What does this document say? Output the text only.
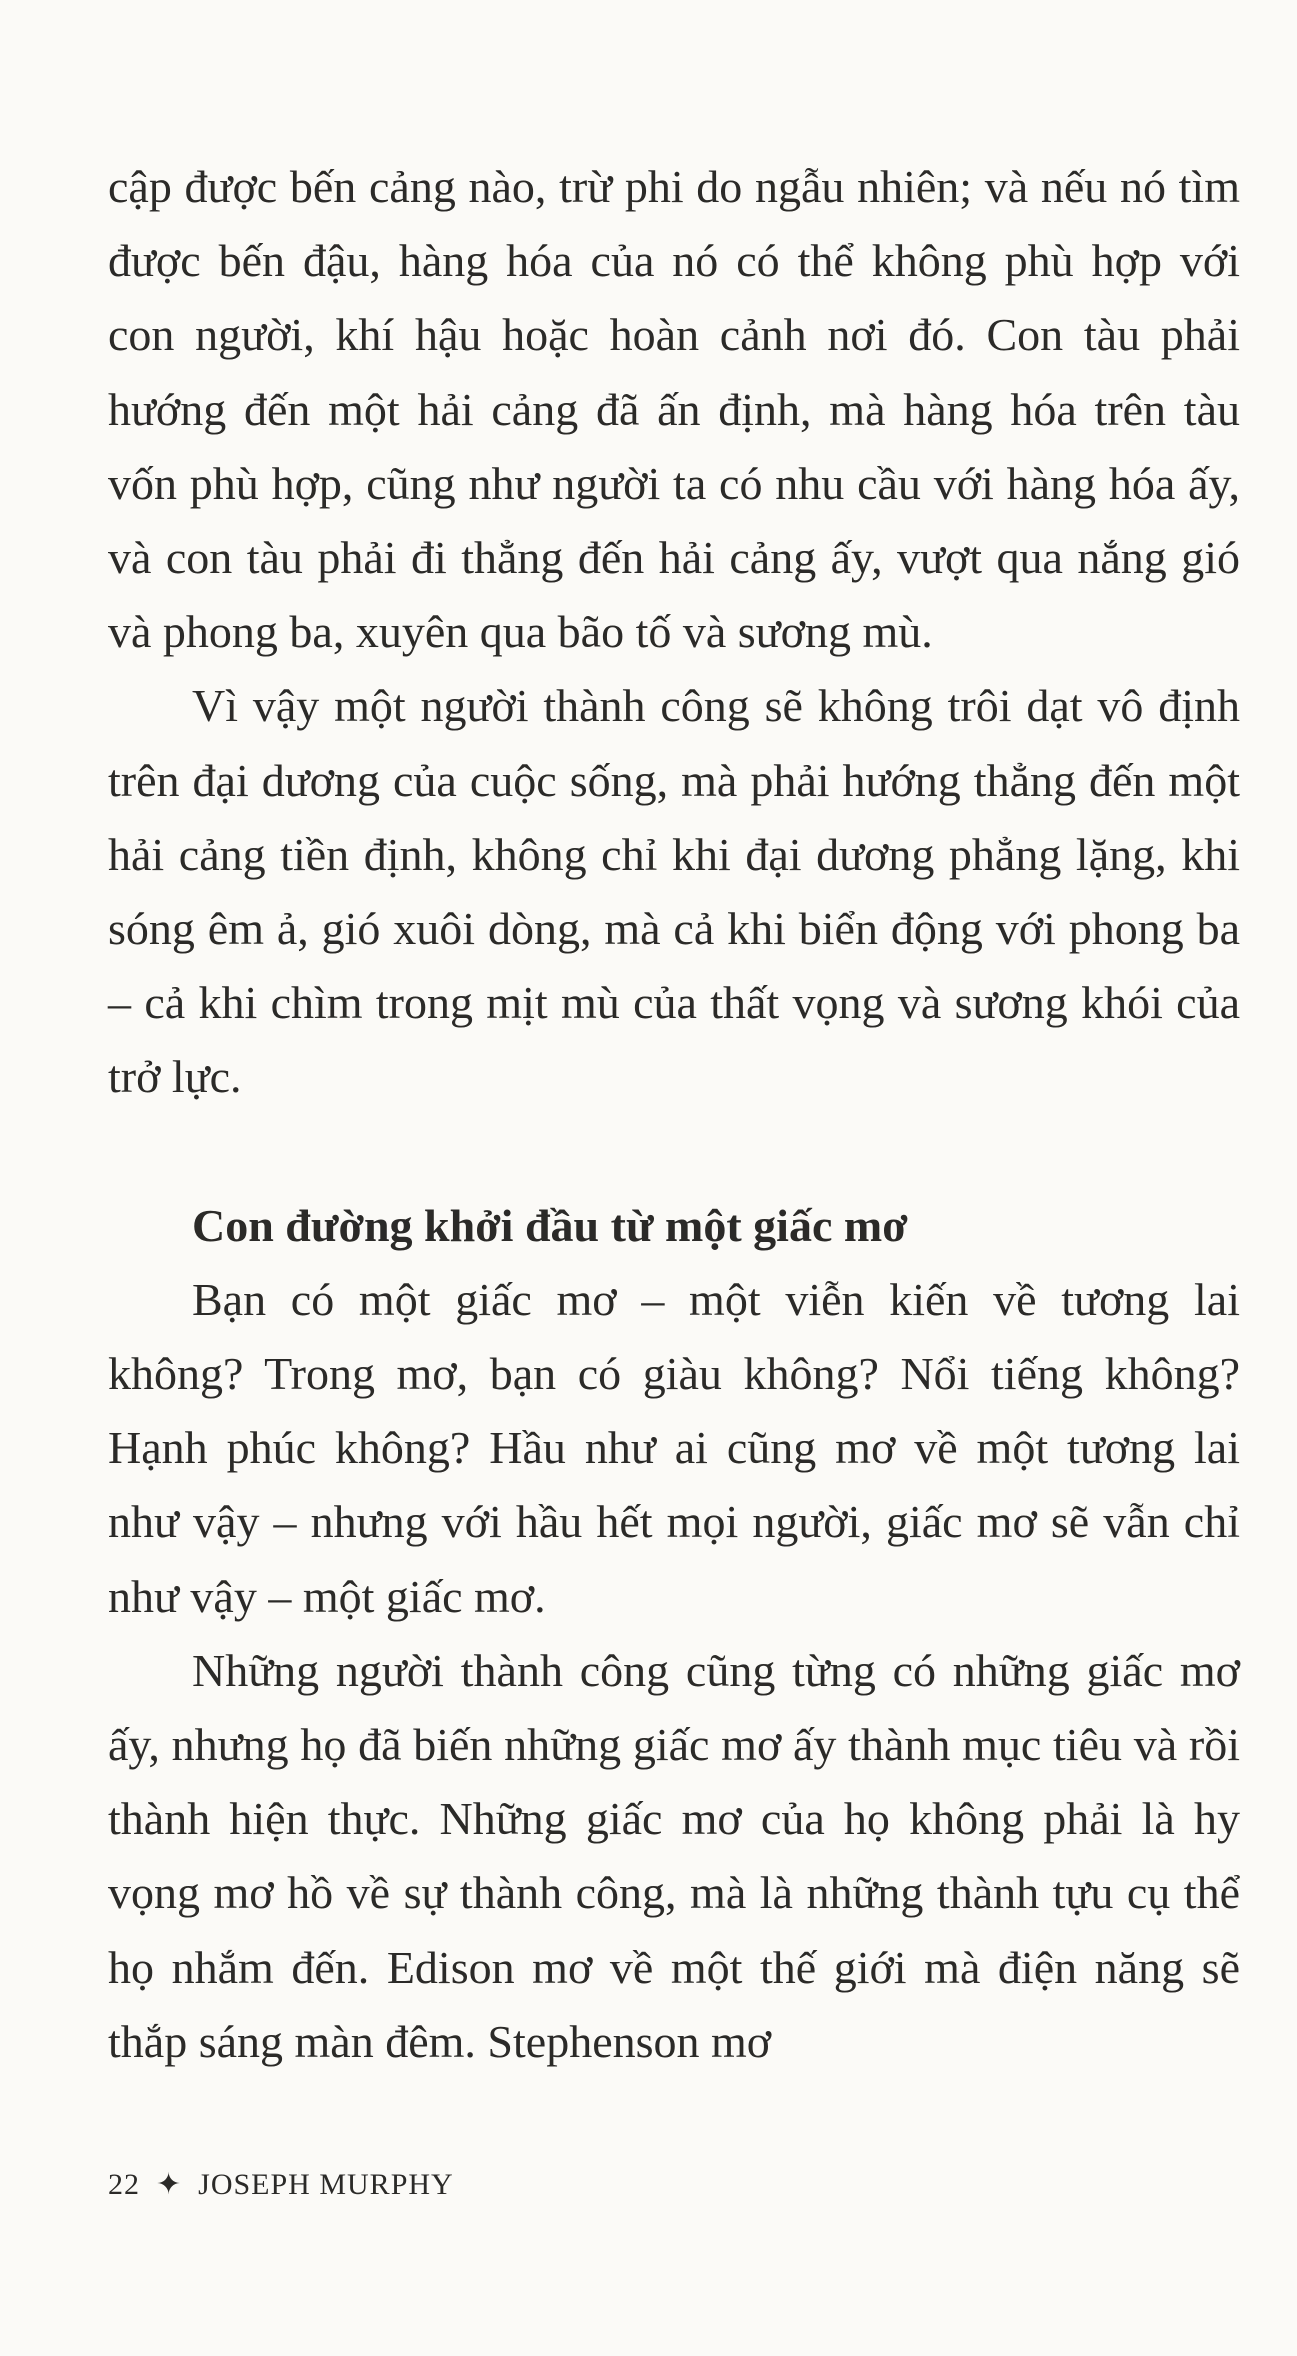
cập được bến cảng nào, trừ phi do ngẫu nhiên; và nếu nó tìm được bến đậu, hàng hóa của nó có thể không phù hợp với con người, khí hậu hoặc hoàn cảnh nơi đó. Con tàu phải hướng đến một hải cảng đã ấn định, mà hàng hóa trên tàu vốn phù hợp, cũng như người ta có nhu cầu với hàng hóa ấy, và con tàu phải đi thẳng đến hải cảng ấy, vượt qua nắng gió và phong ba, xuyên qua bão tố và sương mù.

Vì vậy một người thành công sẽ không trôi dạt vô định trên đại dương của cuộc sống, mà phải hướng thẳng đến một hải cảng tiền định, không chỉ khi đại dương phẳng lặng, khi sóng êm ả, gió xuôi dòng, mà cả khi biển động với phong ba – cả khi chìm trong mịt mù của thất vọng và sương khói của trở lực.

Con đường khởi đầu từ một giấc mơ

Bạn có một giấc mơ – một viễn kiến về tương lai không? Trong mơ, bạn có giàu không? Nổi tiếng không? Hạnh phúc không? Hầu như ai cũng mơ về một tương lai như vậy – nhưng với hầu hết mọi người, giấc mơ sẽ vẫn chỉ như vậy – một giấc mơ.

Những người thành công cũng từng có những giấc mơ ấy, nhưng họ đã biến những giấc mơ ấy thành mục tiêu và rồi thành hiện thực. Những giấc mơ của họ không phải là hy vọng mơ hồ về sự thành công, mà là những thành tựu cụ thể họ nhắm đến. Edison mơ về một thế giới mà điện năng sẽ thắp sáng màn đêm. Stephenson mơ

22 ✦ JOSEPH MURPHY
